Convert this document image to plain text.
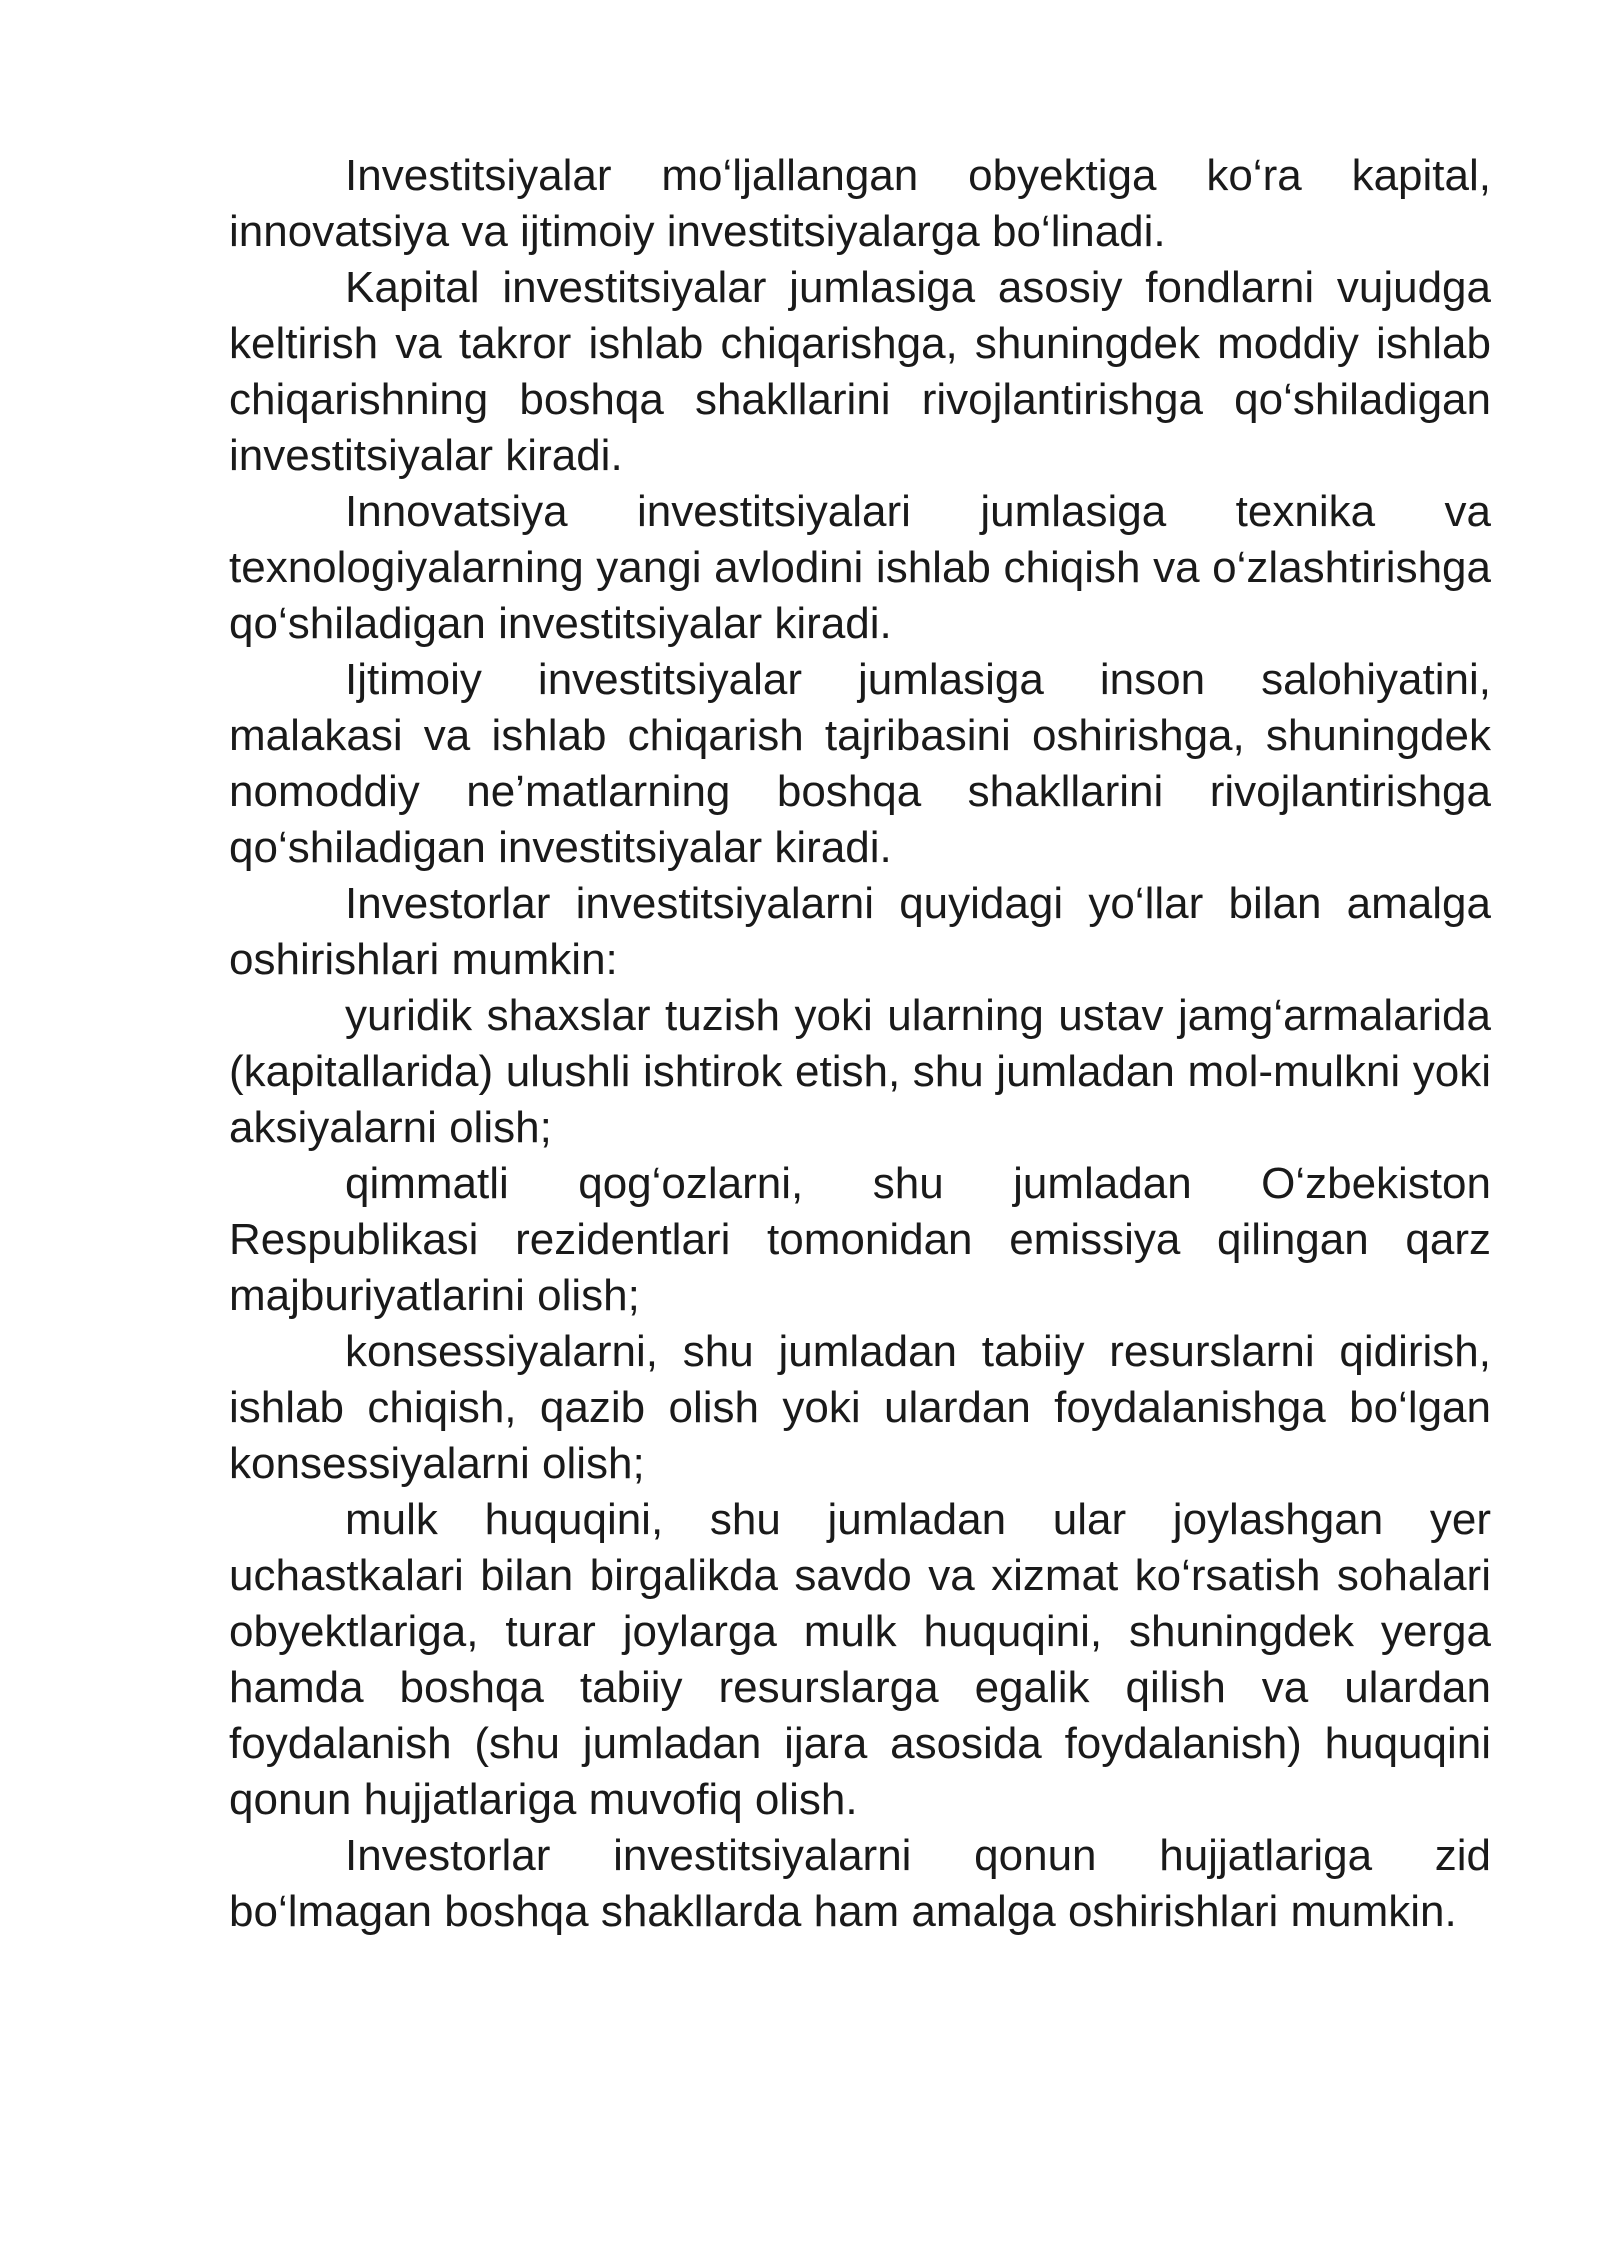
Investitsiyalar mo‘ljallangan obyektiga ko‘ra kapital, innovatsiya va ijtimoiy investitsiyalarga bo‘linadi.

Kapital investitsiyalar jumlasiga asosiy fondlarni vujudga keltirish va takror ishlab chiqarishga, shuningdek moddiy ishlab chiqarishning boshqa shakllarini rivojlantirishga qo‘shiladigan investitsiyalar kiradi.

Innovatsiya investitsiyalari jumlasiga texnika va texnologiyalarning yangi avlodini ishlab chiqish va o‘zlashtirishga qo‘shiladigan investitsiyalar kiradi.

Ijtimoiy investitsiyalar jumlasiga inson salohiyatini, malakasi va ishlab chiqarish tajribasini oshirishga, shuningdek nomoddiy ne’matlarning boshqa shakllarini rivojlantirishga qo‘shiladigan investitsiyalar kiradi.

Investorlar investitsiyalarni quyidagi yo‘llar bilan amalga oshirishlari mumkin:

yuridik shaxslar tuzish yoki ularning ustav jamg‘armalarida (kapitallarida) ulushli ishtirok etish, shu jumladan mol-mulkni yoki aksiyalarni olish;

qimmatli qog‘ozlarni, shu jumladan O‘zbekiston Respublikasi rezidentlari tomonidan emissiya qilingan qarz majburiyatlarini olish;

konsessiyalarni, shu jumladan tabiiy resurslarni qidirish, ishlab chiqish, qazib olish yoki ulardan foydalanishga bo‘lgan konsessiyalarni olish;

mulk huquqini, shu jumladan ular joylashgan yer uchastkalari bilan birgalikda savdo va xizmat ko‘rsatish sohalari obyektlariga, turar joylarga mulk huquqini, shuningdek yerga hamda boshqa tabiiy resurslarga egalik qilish va ulardan foydalanish (shu jumladan ijara asosida foydalanish) huquqini qonun hujjatlariga muvofiq olish.

Investorlar investitsiyalarni qonun hujjatlariga zid bo‘lmagan boshqa shakllarda ham amalga oshirishlari mumkin.
